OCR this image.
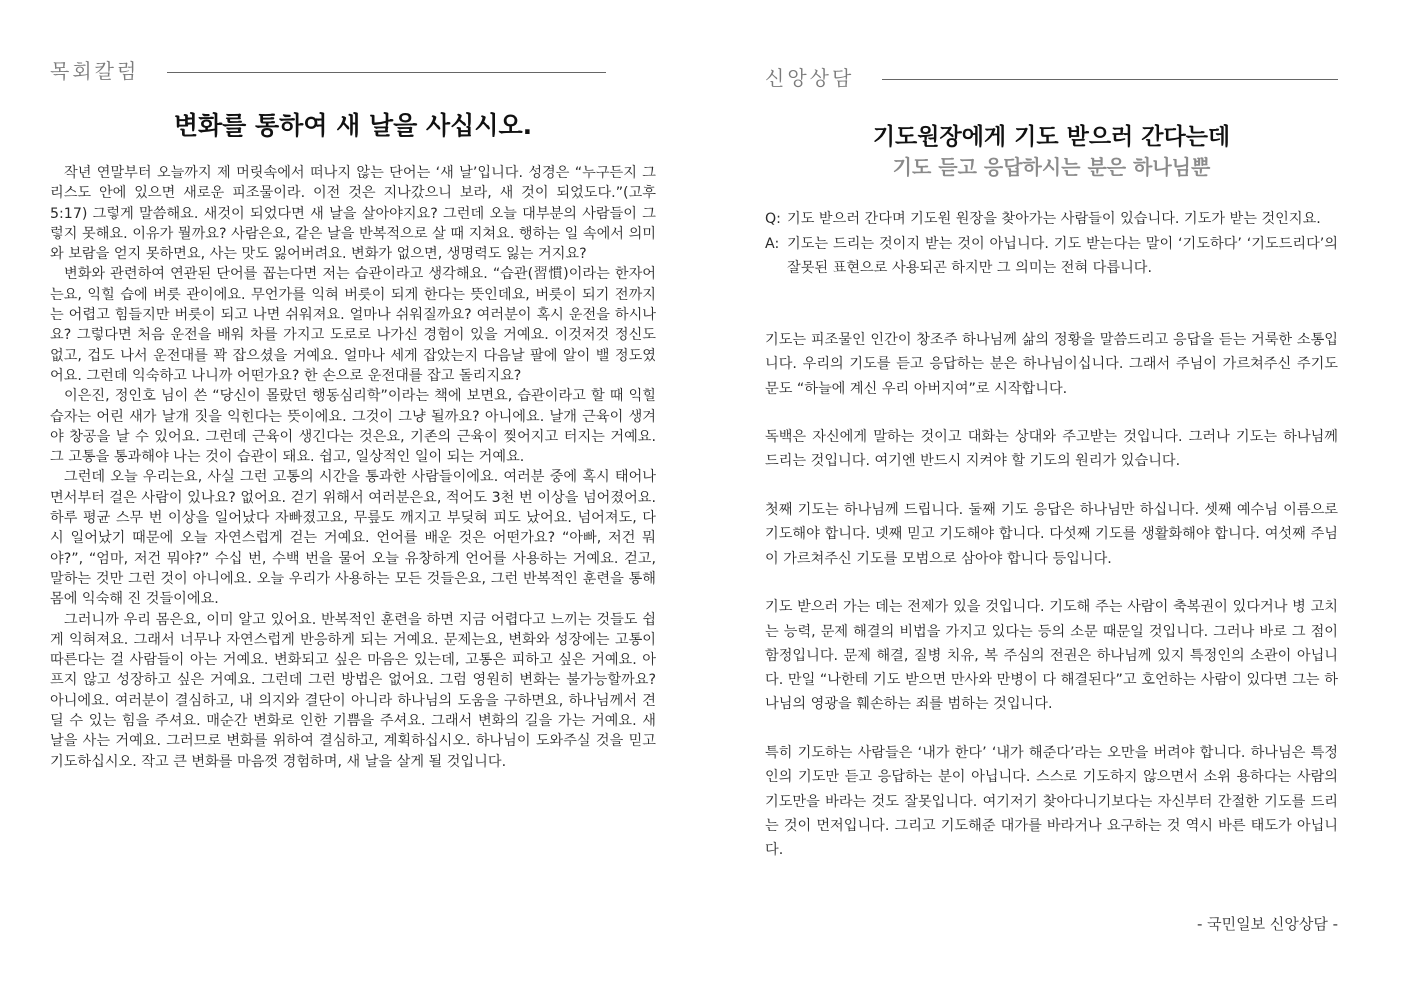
목회칼럼
변화를 통하여 새 날을 사십시오.

작년 연말부터 오늘까지 제 머릿속에서 떠나지 않는 단어는 ‘새 날’입니다. 성경은 “누구든지 그리스도 안에 있으면 새로운 피조물이라. 이전 것은 지나갔으니 보라, 새 것이 되었도다.”(고후5:17) 그렇게 말씀해요. 새것이 되었다면 새 날을 살아야지요? 그런데 오늘 대부분의 사람들이 그렇지 못해요. 이유가 뭘까요? 사람은요, 같은 날을 반복적으로 살 때 지쳐요. 행하는 일 속에서 의미와 보람을 얻지 못하면요, 사는 맛도 잃어버려요. 변화가 없으면, 생명력도 잃는 거지요?

변화와 관련하여 연관된 단어를 꼽는다면 저는 습관이라고 생각해요. “습관(習慣)이라는 한자어는요, 익힐 습에 버릇 관이에요. 무언가를 익혀 버릇이 되게 한다는 뜻인데요, 버릇이 되기 전까지는 어렵고 힘들지만 버릇이 되고 나면 쉬워져요. 얼마나 쉬워질까요? 여러분이 혹시 운전을 하시나요? 그렇다면 처음 운전을 배워 차를 가지고 도로로 나가신 경험이 있을 거예요. 이것저것 정신도 없고, 겁도 나서 운전대를 꽉 잡으셨을 거예요. 얼마나 세게 잡았는지 다음날 팔에 알이 밸 정도였어요. 그런데 익숙하고 나니까 어떤가요? 한 손으로 운전대를 잡고 돌리지요?

이은진, 정인호 님이 쓴 “당신이 몰랐던 행동심리학”이라는 책에 보면요, 습관이라고 할 때 익힐 습자는 어린 새가 날개 짓을 익힌다는 뜻이에요. 그것이 그냥 될까요? 아니에요. 날개 근육이 생겨야 창공을 날 수 있어요. 그런데 근육이 생긴다는 것은요, 기존의 근육이 찢어지고 터지는 거예요. 그 고통을 통과해야 나는 것이 습관이 돼요. 쉽고, 일상적인 일이 되는 거예요.

그런데 오늘 우리는요, 사실 그런 고통의 시간을 통과한 사람들이에요. 여러분 중에 혹시 태어나면서부터 걸은 사람이 있나요? 없어요. 걷기 위해서 여러분은요, 적어도 3천 번 이상을 넘어졌어요. 하루 평균 스무 번 이상을 일어났다 자빠졌고요, 무릎도 깨지고 부딪혀 피도 났어요. 넘어져도, 다시 일어났기 때문에 오늘 자연스럽게 걷는 거예요. 언어를 배운 것은 어떤가요? “아빠, 저건 뭐야?”, “엄마, 저건 뭐야?” 수십 번, 수백 번을 물어 오늘 유창하게 언어를 사용하는 거예요. 걷고, 말하는 것만 그런 것이 아니에요. 오늘 우리가 사용하는 모든 것들은요, 그런 반복적인 훈련을 통해 몸에 익숙해 진 것들이에요.

그러니까 우리 몸은요, 이미 알고 있어요. 반복적인 훈련을 하면 지금 어렵다고 느끼는 것들도 쉽게 익혀져요. 그래서 너무나 자연스럽게 반응하게 되는 거예요. 문제는요, 변화와 성장에는 고통이 따른다는 걸 사람들이 아는 거예요. 변화되고 싶은 마음은 있는데, 고통은 피하고 싶은 거예요. 아프지 않고 성장하고 싶은 거예요. 그런데 그런 방법은 없어요. 그럼 영원히 변화는 불가능할까요? 아니에요. 여러분이 결심하고, 내 의지와 결단이 아니라 하나님의 도움을 구하면요, 하나님께서 견딜 수 있는 힘을 주셔요. 매순간 변화로 인한 기쁨을 주셔요. 그래서 변화의 길을 가는 거예요. 새 날을 사는 거예요. 그러므로 변화를 위하여 결심하고, 계획하십시오. 하나님이 도와주실 것을 믿고 기도하십시오. 작고 큰 변화를 마음껏 경험하며, 새 날을 살게 될 것입니다.

신앙상담
기도원장에게 기도 받으러 간다는데
기도 듣고 응답하시는 분은 하나님뿐
Q: 기도 받으러 간다며 기도원 원장을 찾아가는 사람들이 있습니다. 기도가 받는 것인지요.
A: 기도는 드리는 것이지 받는 것이 아닙니다. 기도 받는다는 말이 ‘기도하다’ ‘기도드리다’의 잘못된 표현으로 사용되곤 하지만 그 의미는 전혀 다릅니다.

기도는 피조물인 인간이 창조주 하나님께 삶의 정황을 말씀드리고 응답을 듣는 거룩한 소통입니다. 우리의 기도를 듣고 응답하는 분은 하나님이십니다. 그래서 주님이 가르쳐주신 주기도문도 “하늘에 계신 우리 아버지여”로 시작합니다.

독백은 자신에게 말하는 것이고 대화는 상대와 주고받는 것입니다. 그러나 기도는 하나님께 드리는 것입니다. 여기엔 반드시 지켜야 할 기도의 원리가 있습니다.

첫째 기도는 하나님께 드립니다. 둘째 기도 응답은 하나님만 하십니다. 셋째 예수님 이름으로 기도해야 합니다. 넷째 믿고 기도해야 합니다. 다섯째 기도를 생활화해야 합니다. 여섯째 주님이 가르쳐주신 기도를 모범으로 삼아야 합니다 등입니다.

기도 받으러 가는 데는 전제가 있을 것입니다. 기도해 주는 사람이 축복권이 있다거나 병 고치는 능력, 문제 해결의 비법을 가지고 있다는 등의 소문 때문일 것입니다. 그러나 바로 그 점이 함정입니다. 문제 해결, 질병 치유, 복 주심의 전권은 하나님께 있지 특정인의 소관이 아닙니다. 만일 “나한테 기도 받으면 만사와 만병이 다 해결된다”고 호언하는 사람이 있다면 그는 하나님의 영광을 훼손하는 죄를 범하는 것입니다.

특히 기도하는 사람들은 ‘내가 한다’ ‘내가 해준다’라는 오만을 버려야 합니다. 하나님은 특정인의 기도만 듣고 응답하는 분이 아닙니다. 스스로 기도하지 않으면서 소위 용하다는 사람의 기도만을 바라는 것도 잘못입니다. 여기저기 찾아다니기보다는 자신부터 간절한 기도를 드리는 것이 먼저입니다. 그리고 기도해준 대가를 바라거나 요구하는 것 역시 바른 태도가 아닙니다.

- 국민일보 신앙상담 -
